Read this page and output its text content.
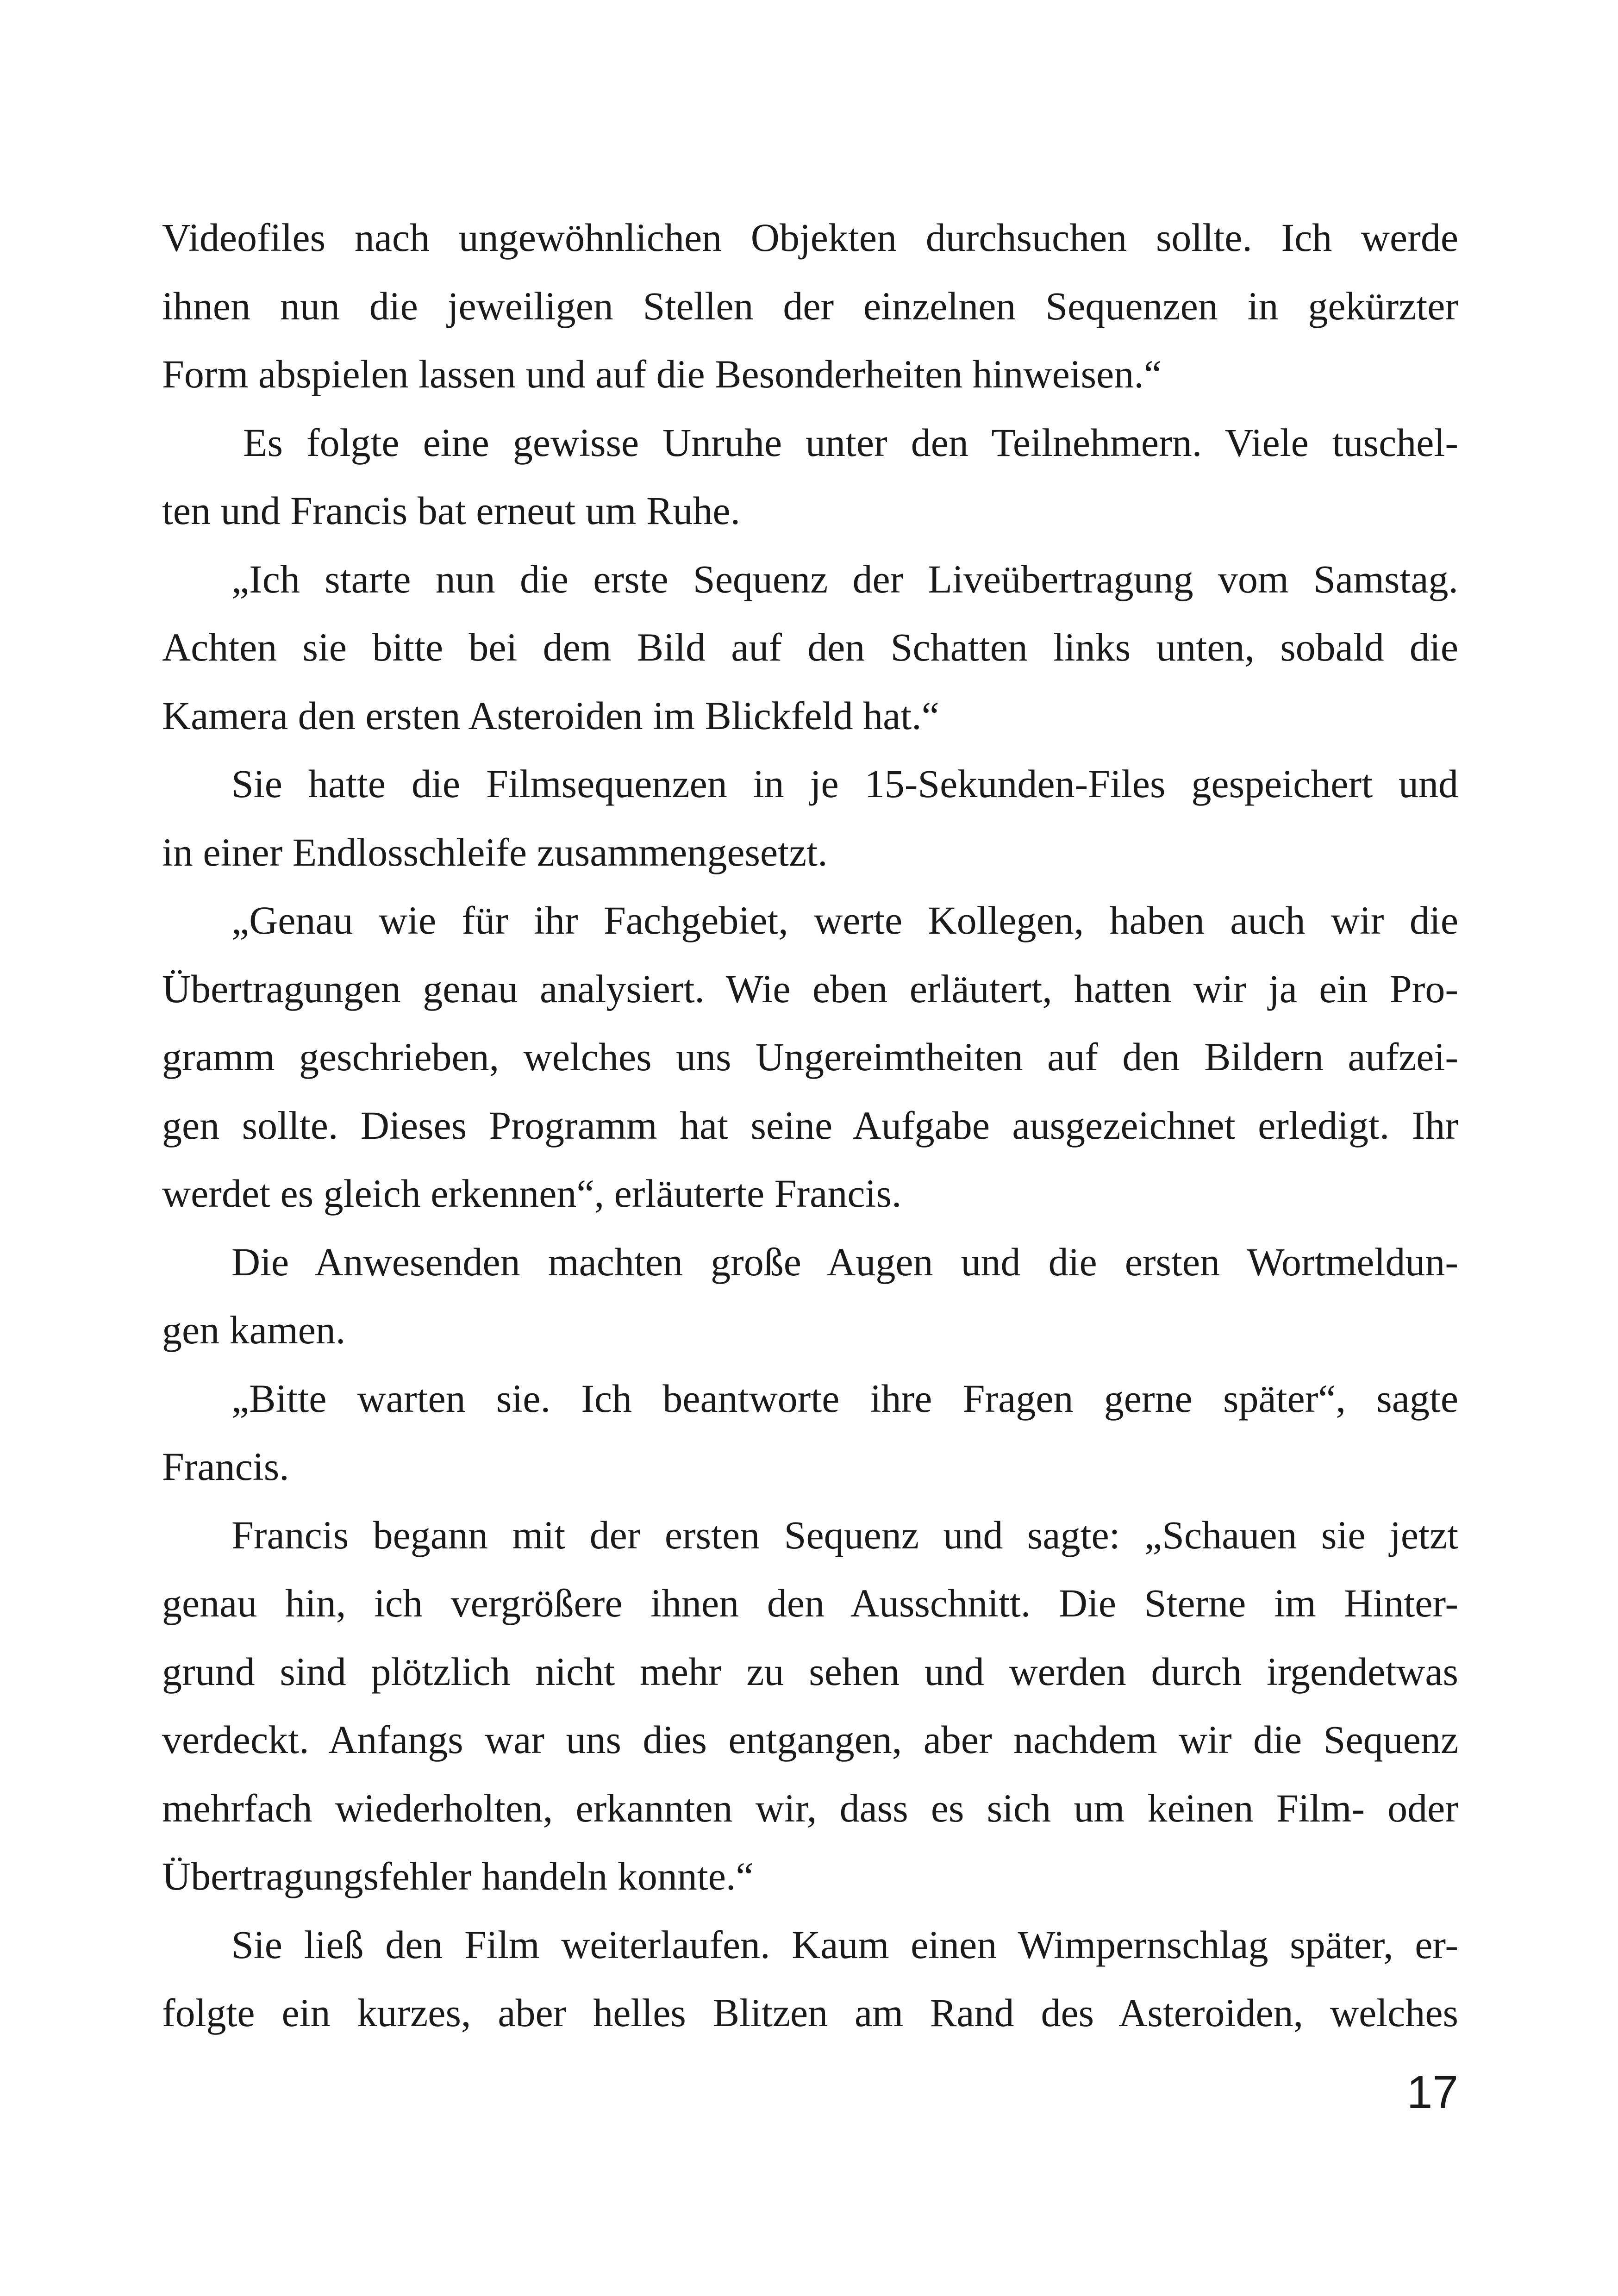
Videofiles nach ungewöhnlichen Objekten durchsuchen sollte. Ich werde
ihnen nun die jeweiligen Stellen der einzelnen Sequenzen in gekürzter
Form abspielen lassen und auf die Besonderheiten hinweisen.“
Es folgte eine gewisse Unruhe unter den Teilnehmern. Viele tuschel-
ten und Francis bat erneut um Ruhe.
„Ich starte nun die erste Sequenz der Liveübertragung vom Samstag.
Achten sie bitte bei dem Bild auf den Schatten links unten, sobald die
Kamera den ersten Asteroiden im Blickfeld hat.“
Sie hatte die Filmsequenzen in je 15-Sekunden-Files gespeichert und
in einer Endlosschleife zusammengesetzt.
„Genau wie für ihr Fachgebiet, werte Kollegen, haben auch wir die
Übertragungen genau analysiert. Wie eben erläutert, hatten wir ja ein Pro-
gramm geschrieben, welches uns Ungereimtheiten auf den Bildern aufzei-
gen sollte. Dieses Programm hat seine Aufgabe ausgezeichnet erledigt. Ihr
werdet es gleich erkennen“, erläuterte Francis.
Die Anwesenden machten große Augen und die ersten Wortmeldun-
gen kamen.
„Bitte warten sie. Ich beantworte ihre Fragen gerne später“, sagte
Francis.
Francis begann mit der ersten Sequenz und sagte: „Schauen sie jetzt
genau hin, ich vergrößere ihnen den Ausschnitt. Die Sterne im Hinter-
grund sind plötzlich nicht mehr zu sehen und werden durch irgendetwas
verdeckt. Anfangs war uns dies entgangen, aber nachdem wir die Sequenz
mehrfach wiederholten, erkannten wir, dass es sich um keinen Film- oder
Übertragungsfehler handeln konnte.“
Sie ließ den Film weiterlaufen. Kaum einen Wimpernschlag später, er-
folgte ein kurzes, aber helles Blitzen am Rand des Asteroiden, welches
17
